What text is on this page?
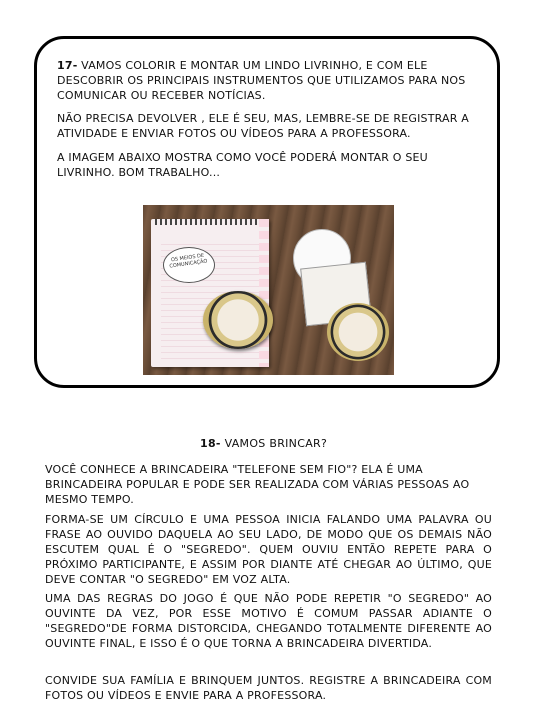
17- VAMOS COLORIR E MONTAR UM LINDO LIVRINHO, E COM ELE DESCOBRIR OS PRINCIPAIS INSTRUMENTOS QUE UTILIZAMOS PARA NOS COMUNICAR OU RECEBER NOTÍCIAS.
NÃO PRECISA DEVOLVER , ELE É SEU, MAS, LEMBRE-SE DE REGISTRAR A ATIVIDADE E ENVIAR FOTOS OU VÍDEOS PARA A PROFESSORA.
A IMAGEM ABAIXO MOSTRA COMO VOCÊ PODERÁ MONTAR O SEU LIVRINHO. BOM TRABALHO...
OS MEIOS DE COMUNICAÇÃO
18- VAMOS BRINCAR?
VOCÊ CONHECE A BRINCADEIRA "TELEFONE SEM FIO"? ELA É UMA BRINCADEIRA POPULAR E PODE SER REALIZADA COM VÁRIAS PESSOAS AO MESMO TEMPO.
FORMA-SE UM CÍRCULO E UMA PESSOA INICIA FALANDO UMA PALAVRA OU FRASE AO OUVIDO DAQUELA AO SEU LADO, DE MODO QUE OS DEMAIS NÃO ESCUTEM QUAL É O "SEGREDO". QUEM OUVIU ENTÃO REPETE PARA O PRÓXIMO PARTICIPANTE, E ASSIM POR DIANTE ATÉ CHEGAR AO ÚLTIMO, QUE DEVE CONTAR "O SEGREDO" EM VOZ ALTA.
UMA DAS REGRAS DO JOGO É QUE NÃO PODE REPETIR "O SEGREDO" AO OUVINTE DA VEZ, POR ESSE MOTIVO É COMUM PASSAR ADIANTE O "SEGREDO"DE FORMA DISTORCIDA, CHEGANDO TOTALMENTE DIFERENTE AO OUVINTE FINAL, E ISSO É O QUE TORNA A BRINCADEIRA DIVERTIDA.
CONVIDE SUA FAMÍLIA E BRINQUEM JUNTOS. REGISTRE A BRINCADEIRA COM FOTOS OU VÍDEOS E ENVIE PARA A PROFESSORA.
